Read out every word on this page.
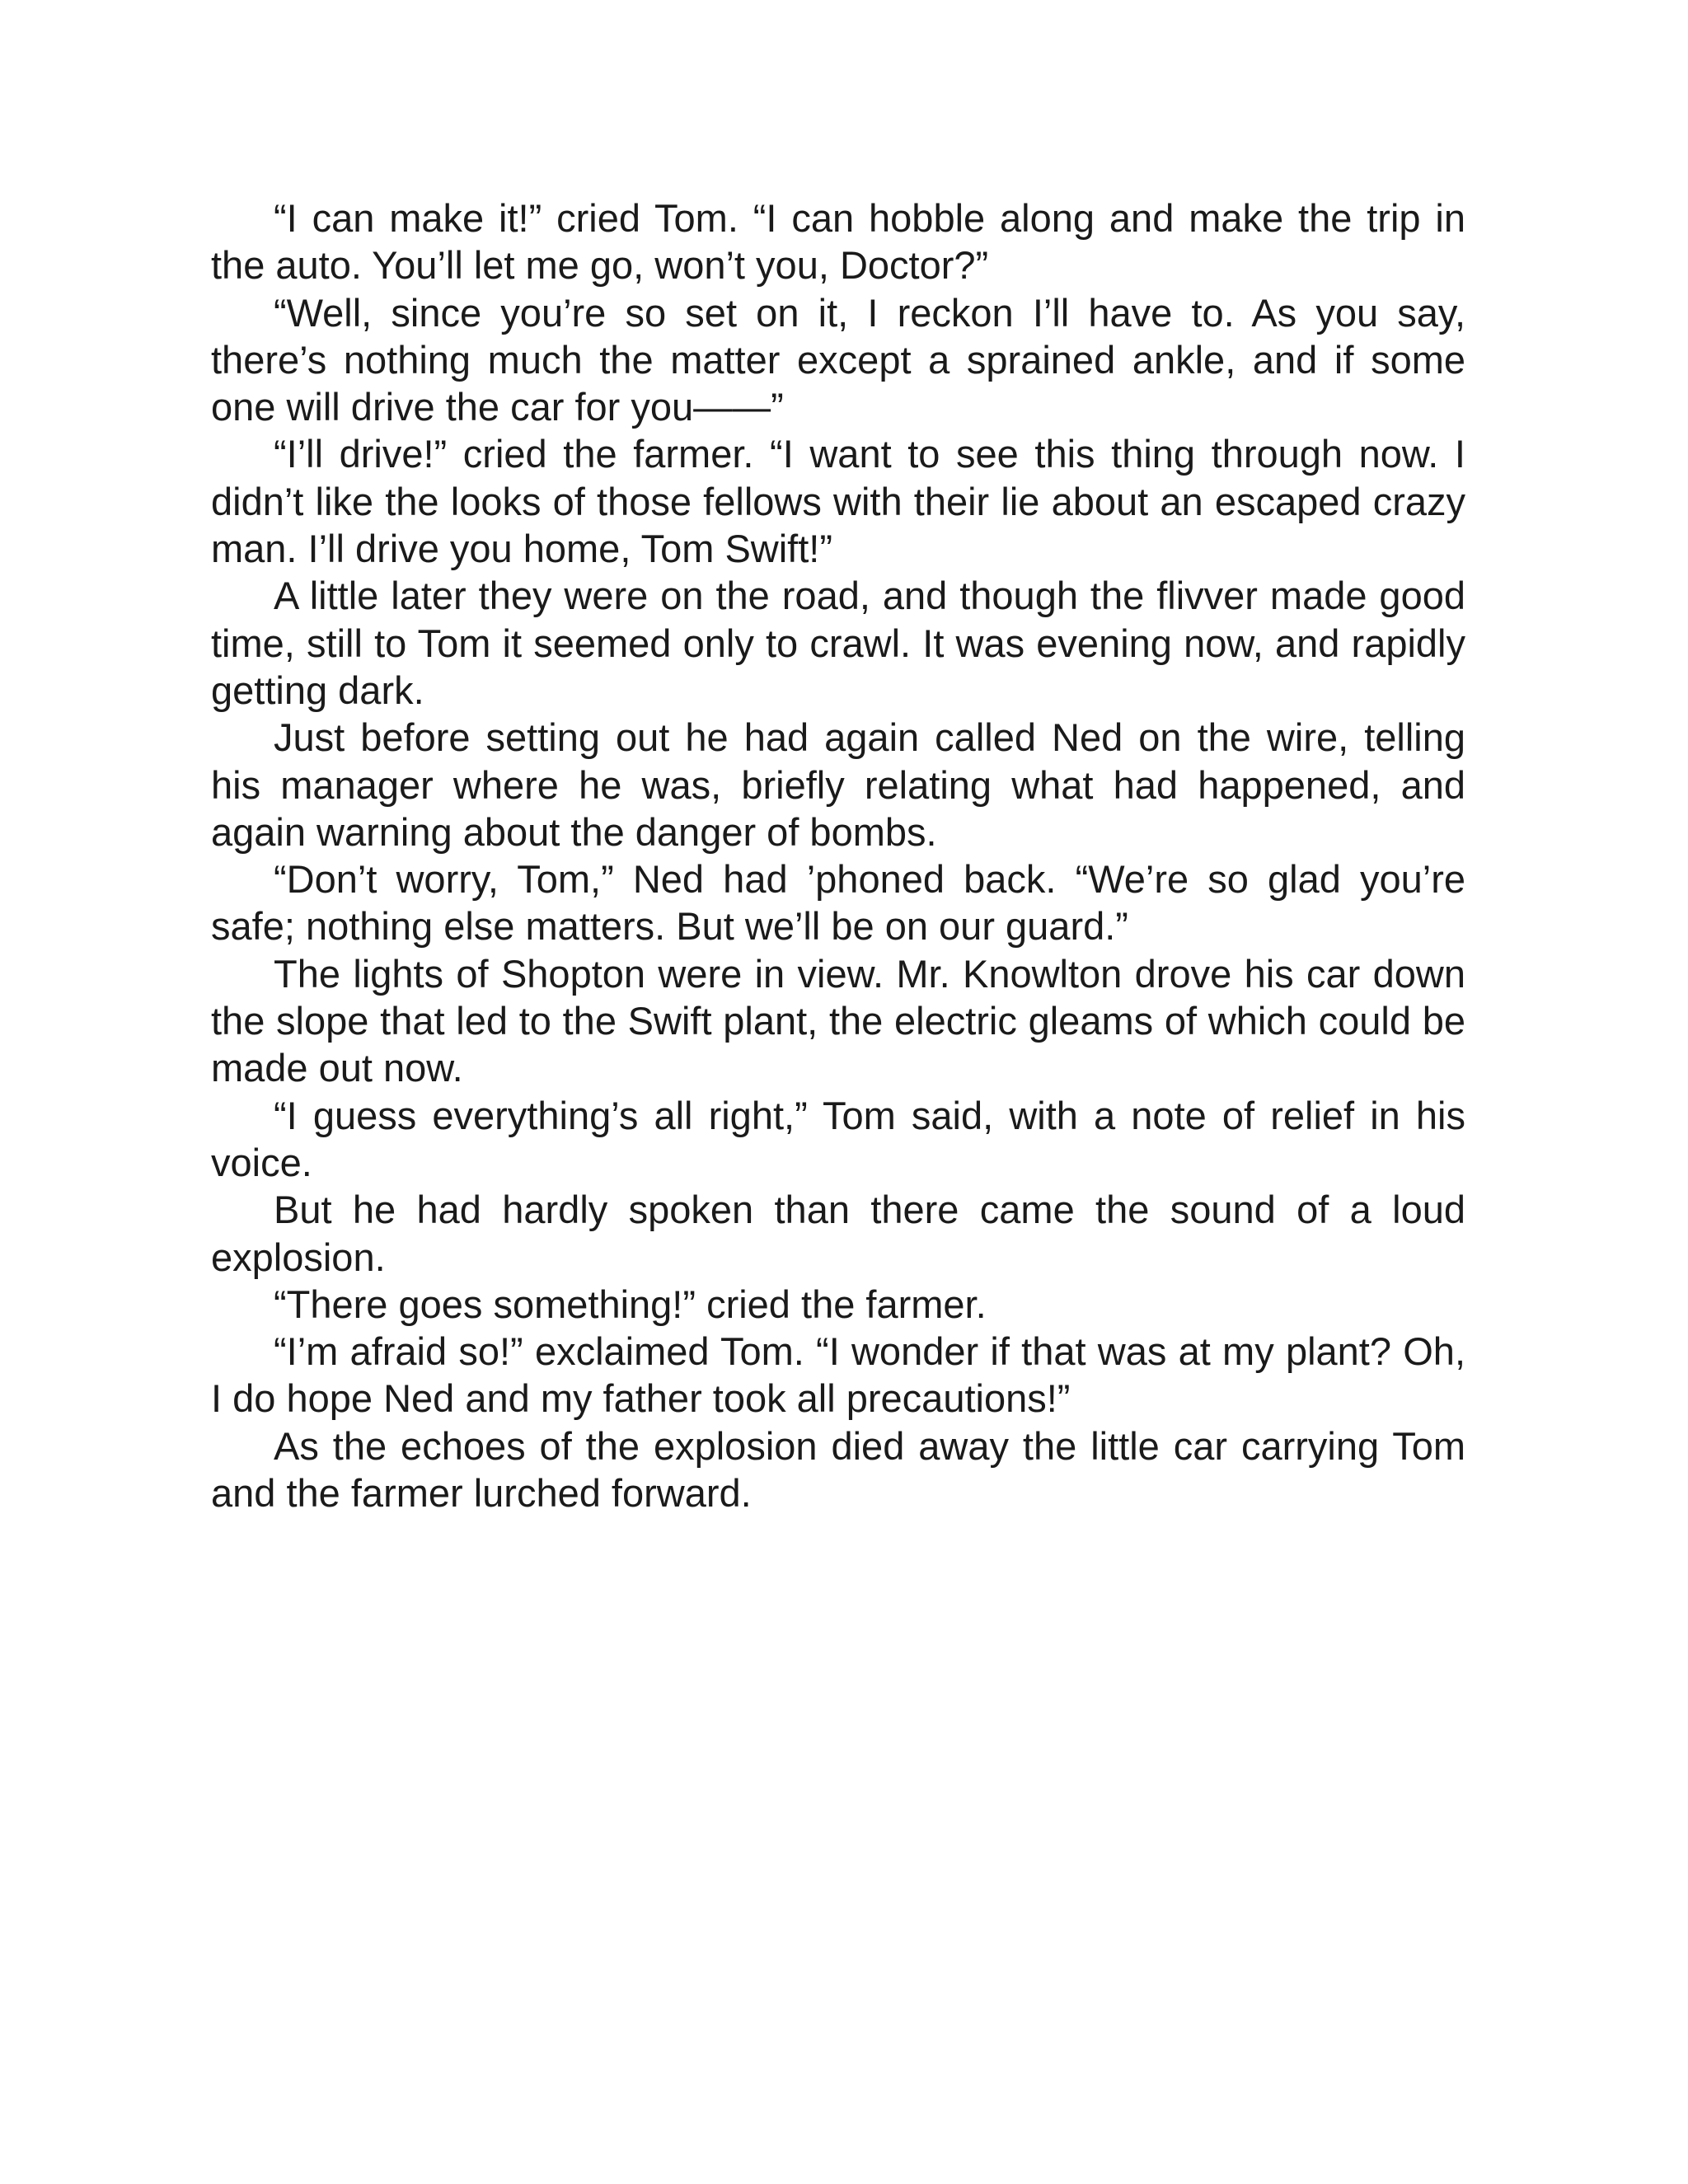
“I can make it!” cried Tom. “I can hobble along and make the trip in the auto. You’ll let me go, won’t you, Doctor?”

“Well, since you’re so set on it, I reckon I’ll have to. As you say, there’s nothing much the matter except a sprained ankle, and if some one will drive the car for you——”

“I’ll drive!” cried the farmer. “I want to see this thing through now. I didn’t like the looks of those fellows with their lie about an escaped crazy man. I’ll drive you home, Tom Swift!”

A little later they were on the road, and though the flivver made good time, still to Tom it seemed only to crawl. It was evening now, and rapidly getting dark.

Just before setting out he had again called Ned on the wire, telling his manager where he was, briefly relating what had happened, and again warning about the danger of bombs.

“Don’t worry, Tom,” Ned had ’phoned back. “We’re so glad you’re safe; nothing else matters. But we’ll be on our guard.”

The lights of Shopton were in view. Mr. Knowlton drove his car down the slope that led to the Swift plant, the electric gleams of which could be made out now.

“I guess everything’s all right,” Tom said, with a note of relief in his voice.

But he had hardly spoken than there came the sound of a loud explosion.

“There goes something!” cried the farmer.

“I’m afraid so!” exclaimed Tom. “I wonder if that was at my plant? Oh, I do hope Ned and my father took all precautions!”

As the echoes of the explosion died away the little car carrying Tom and the farmer lurched forward.
